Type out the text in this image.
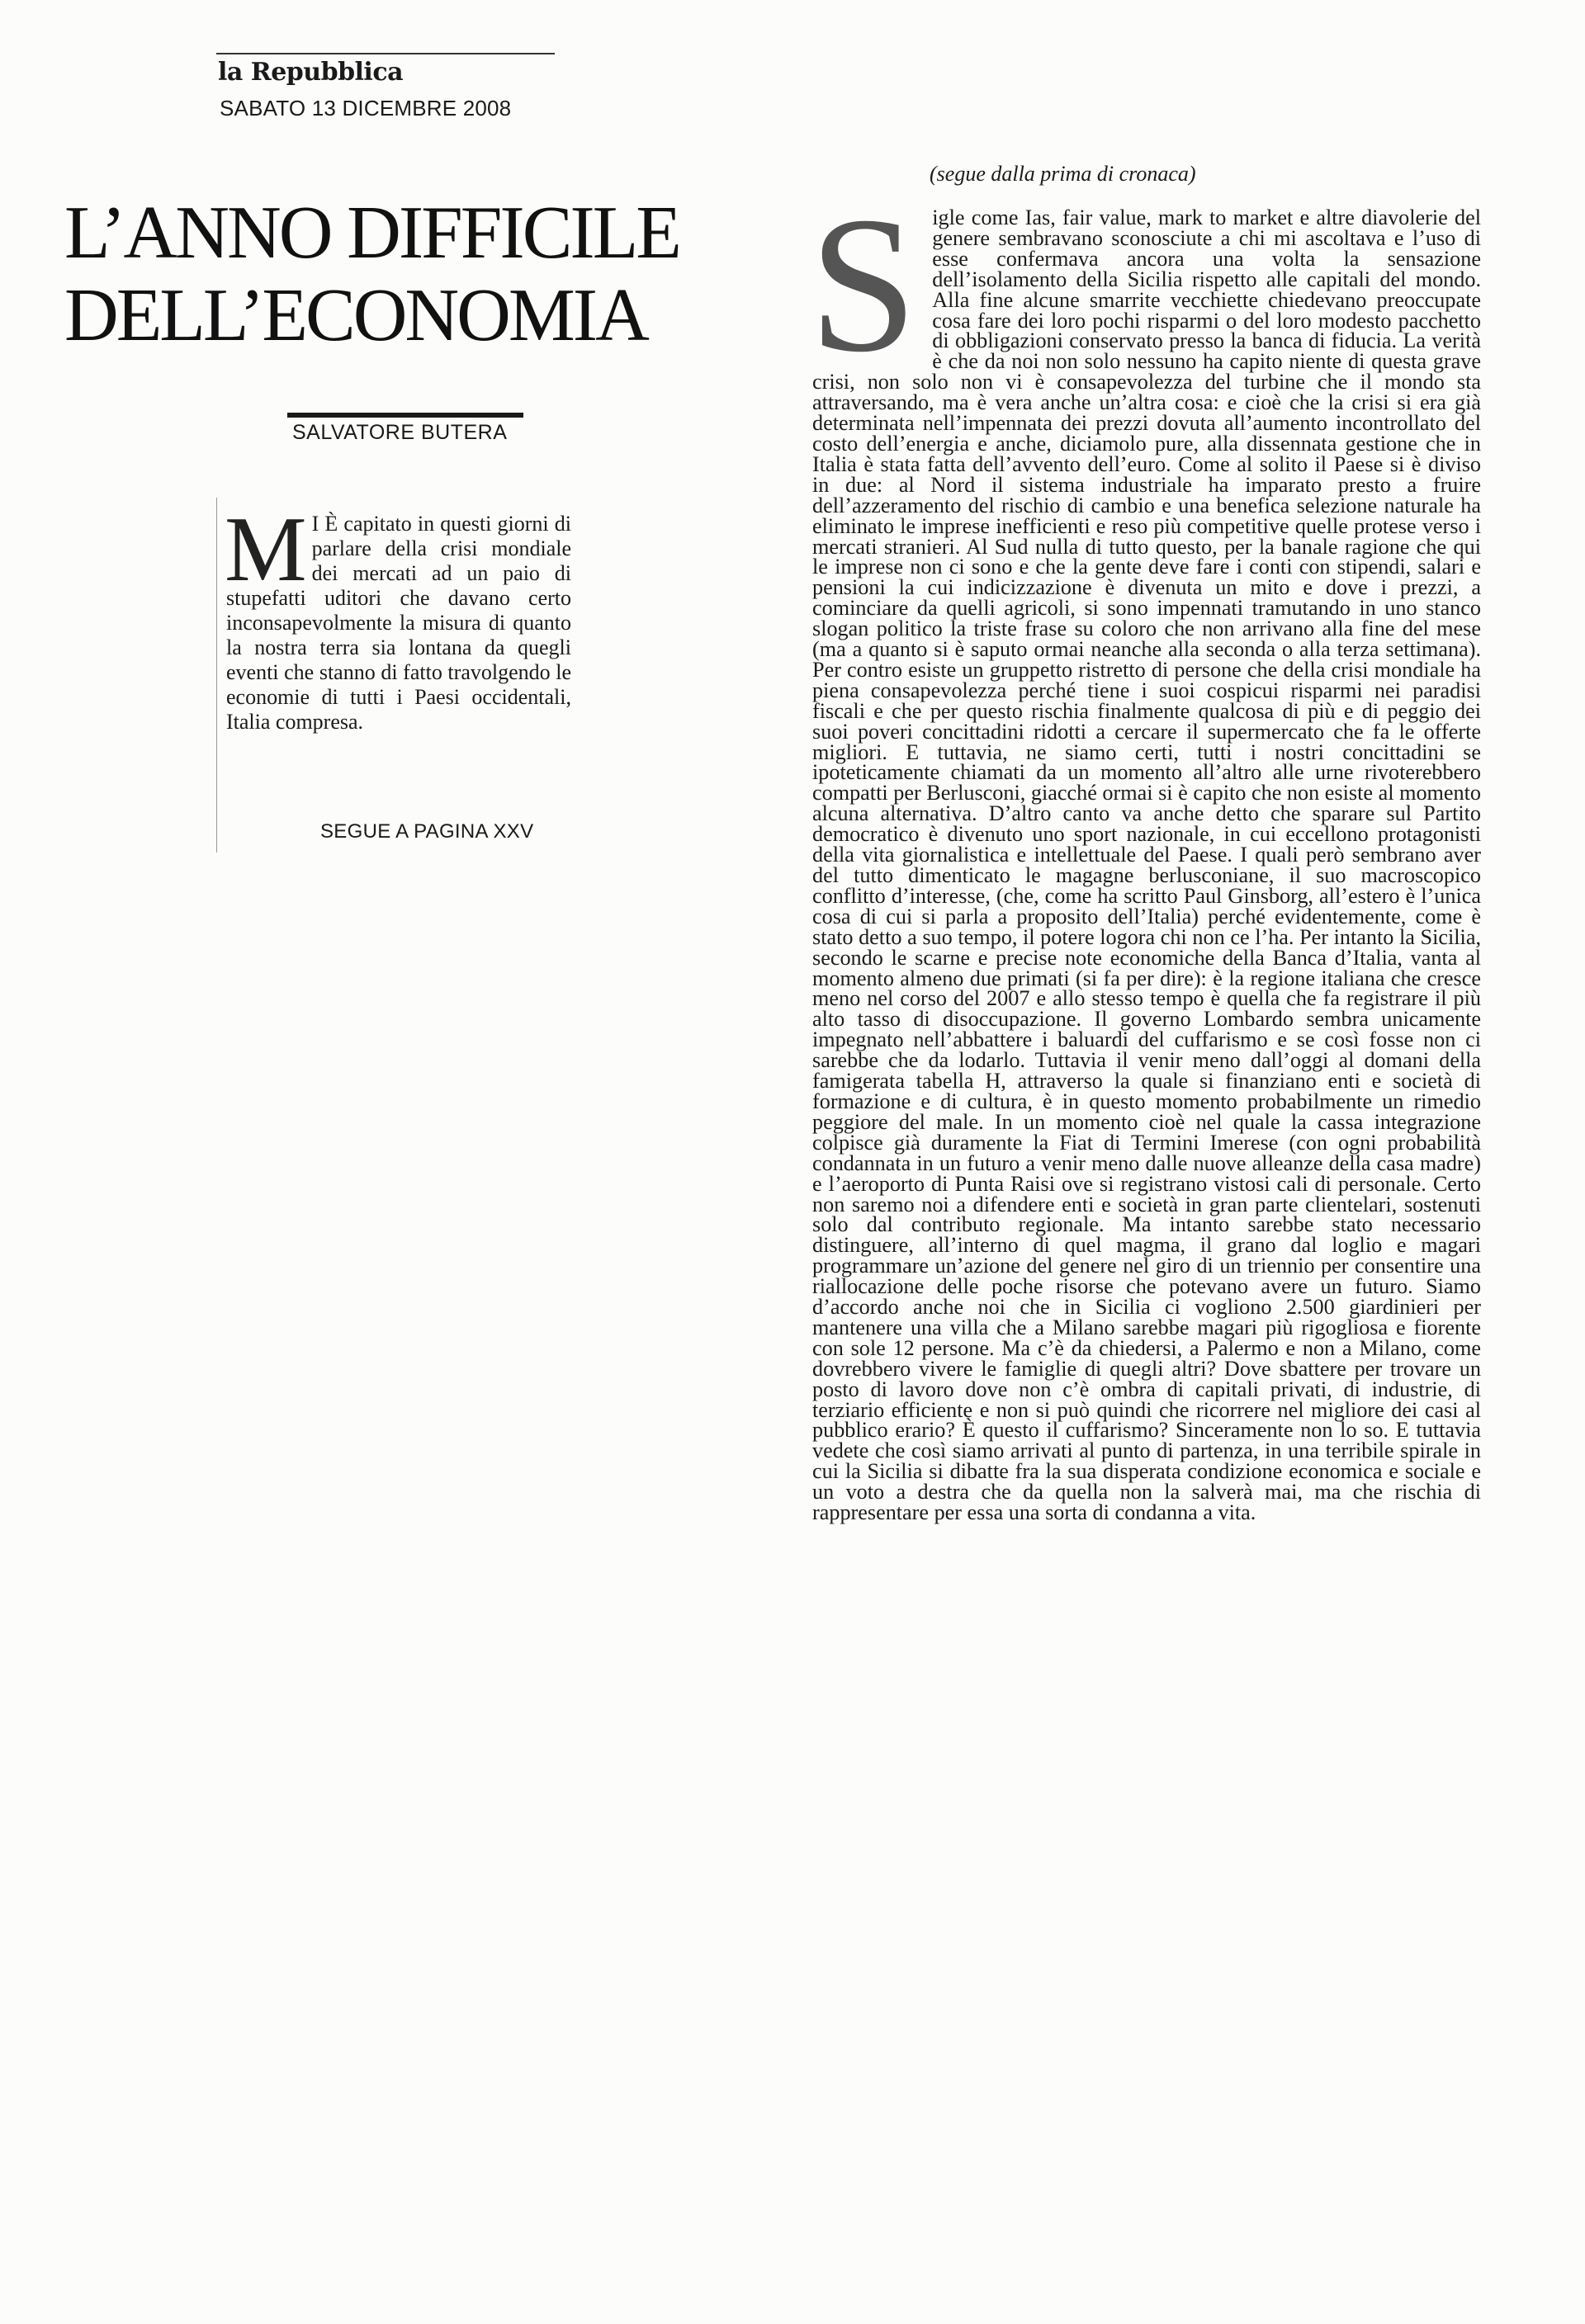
la Repubblica
SABATO 13 DICEMBRE 2008
L’ANNO DIFFICILE DELL’ECONOMIA
SALVATORE BUTERA

M I È capitato in questi giorni di parlare della crisi mondiale dei mercati ad un paio di stupefatti uditori che davano certo inconsapevolmente la misura di quanto la nostra terra sia lontana da quegli eventi che stanno di fatto travolgendo le economie di tutti i Paesi occidentali, Italia compresa.

SEGUE A PAGINA XXV
(segue dalla prima di cronaca)

Sigle come Ias, fair value, mark to market e altre diavolerie del genere sembravano sconosciute a chi mi ascoltava e l’uso di esse confermava ancora una volta la sensazione dell’isolamento della Sicilia rispetto alle capitali del mondo. Alla fine alcune smarrite vecchiette chiedevano preoccupate cosa fare dei loro pochi risparmi o del loro modesto pacchetto di obbligazioni conservato presso la banca di fiducia. La verità è che da noi non solo nessuno ha capito niente di questa grave crisi, non solo non vi è consapevolezza del turbine che il mondo sta attraversando, ma è vera anche un’altra cosa: e cioè che la crisi si era già determinata nell’impennata dei prezzi dovuta all’aumento incontrollato del costo dell’energia e anche, diciamolo pure, alla dissennata gestione che in Italia è stata fatta dell’avvento dell’euro. Come al solito il Paese si è diviso in due: al Nord il sistema industriale ha imparato presto a fruire dell’azzeramento del rischio di cambio e una benefica selezione naturale ha eliminato le imprese inefficienti e reso più competitive quelle protese verso i mercati stranieri. Al Sud nulla di tutto questo, per la banale ragione che qui le imprese non ci sono e che la gente deve fare i conti con stipendi, salari e pensioni la cui indicizzazione è divenuta un mito e dove i prezzi, a cominciare da quelli agricoli, si sono impennati tramutando in uno stanco slogan politico la triste frase su coloro che non arrivano alla fine del mese (ma a quanto si è saputo ormai neanche alla seconda o alla terza settimana). Per contro esiste un gruppetto ristretto di persone che della crisi mondiale ha piena consapevolezza perché tiene i suoi cospicui risparmi nei paradisi fiscali e che per questo rischia finalmente qualcosa di più e di peggio dei suoi poveri concittadini ridotti a cercare il supermercato che fa le offerte migliori. E tuttavia, ne siamo certi, tutti i nostri concittadini se ipoteticamente chiamati da un momento all’altro alle urne rivoterebbero compatti per Berlusconi, giacché ormai si è capito che non esiste al momento alcuna alternativa. D’altro canto va anche detto che sparare sul Partito democratico è divenuto uno sport nazionale, in cui eccellono protagonisti della vita giornalistica e intellettuale del Paese. I quali però sembrano aver del tutto dimenticato le magagne berlusconiane, il suo macroscopico conflitto d’interesse, (che, come ha scritto Paul Ginsborg, all’estero è l’unica cosa di cui si parla a proposito dell’Italia) perché evidentemente, come è stato detto a suo tempo, il potere logora chi non ce l’ha. Per intanto la Sicilia, secondo le scarne e precise note economiche della Banca d’Italia, vanta al momento almeno due primati (si fa per dire): è la regione italiana che cresce meno nel corso del 2007 e allo stesso tempo è quella che fa registrare il più alto tasso di disoccupazione. Il governo Lombardo sembra unicamente impegnato nell’abbattere i baluardi del cuffarismo e se così fosse non ci sarebbe che da lodarlo. Tuttavia il venir meno dall’oggi al domani della famigerata tabella H, attraverso la quale si finanziano enti e società di formazione e di cultura, è in questo momento probabilmente un rimedio peggiore del male. In un momento cioè nel quale la cassa integrazione colpisce già duramente la Fiat di Termini Imerese (con ogni probabilità condannata in un futuro a venir meno dalle nuove alleanze della casa madre) e l’aeroporto di Punta Raisi ove si registrano vistosi cali di personale. Certo non saremo noi a difendere enti e società in gran parte clientelari, sostenuti solo dal contributo regionale. Ma intanto sarebbe stato necessario distinguere, all’interno di quel magma, il grano dal loglio e magari programmare un’azione del genere nel giro di un triennio per consentire una riallocazione delle poche risorse che potevano avere un futuro. Siamo d’accordo anche noi che in Sicilia ci vogliono 2.500 giardinieri per mantenere una villa che a Milano sarebbe magari più rigogliosa e fiorente con sole 12 persone. Ma c’è da chiedersi, a Palermo e non a Milano, come dovrebbero vivere le famiglie di quegli altri? Dove sbattere per trovare un posto di lavoro dove non c’è ombra di capitali privati, di industrie, di terziario efficiente e non si può quindi che ricorrere nel migliore dei casi al pubblico erario? È questo il cuffarismo? Sinceramente non lo so. E tuttavia vedete che così siamo arrivati al punto di partenza, in una terribile spirale in cui la Sicilia si dibatte fra la sua disperata condizione economica e sociale e un voto a destra che da quella non la salverà mai, ma che rischia di rappresentare per essa una sorta di condanna a vita.
